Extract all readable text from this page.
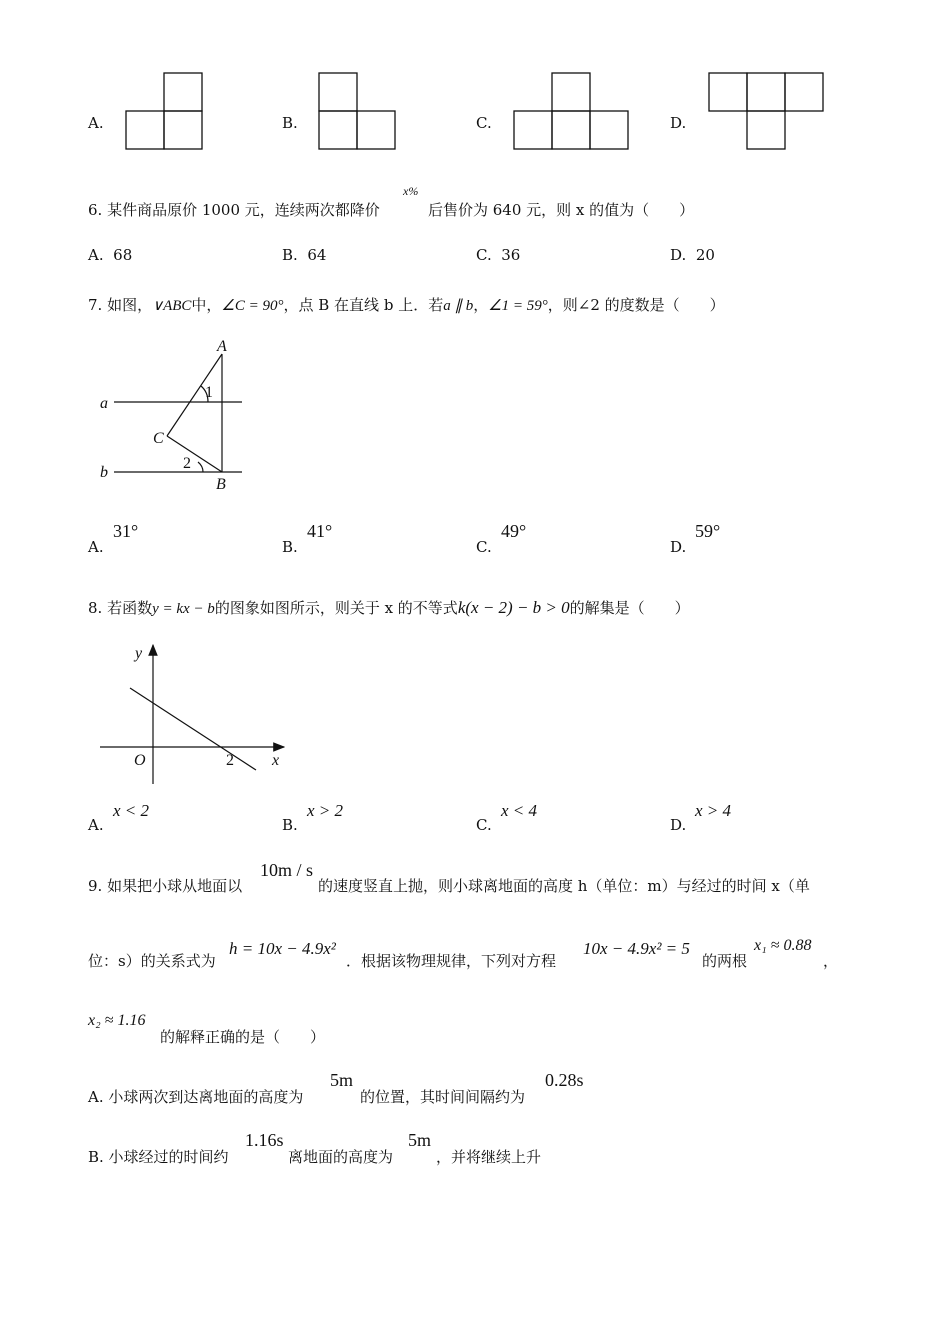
A.	B.	C.	D.
6. 某件商品原价 1000 元，连续两次都降价
x%
后售价为 640 元，则 x 的值为（　　）
A. 68	B. 64	C. 36	D. 20
7. 如图，∨ABC中，∠C = 90°，点 B 在直线 b 上．若a ∥ b，∠1 = 59°，则∠2 的度数是（　　）
A
B
C
a
b
1
2
A.
31°
B.
41°
C.
49°
D.
59°
8. 若函数y = kx − b的图象如图所示，则关于 x 的不等式k(x − 2) − b > 0的解集是（　　）
y
x
O	2
A.
x < 2
B.
x > 2
C.
x < 4
D.
x > 4
9. 如果把小球从地面以
10m / s
的速度竖直上抛，则小球离地面的高度 h（单位：m）与经过的时间 x（单
位：s）的关系式为
h = 10x − 4.9x²
．根据该物理规律，下列对方程
10x − 4.9x² = 5
的两根
x₁ ≈ 0.88
，
x₂ ≈ 1.16
的解释正确的是（　　）
A. 小球两次到达离地面的高度为
5m
的位置，其时间间隔约为
0.28s
B. 小球经过的时间约
1.16s
离地面的高度为
5m
，并将继续上升
